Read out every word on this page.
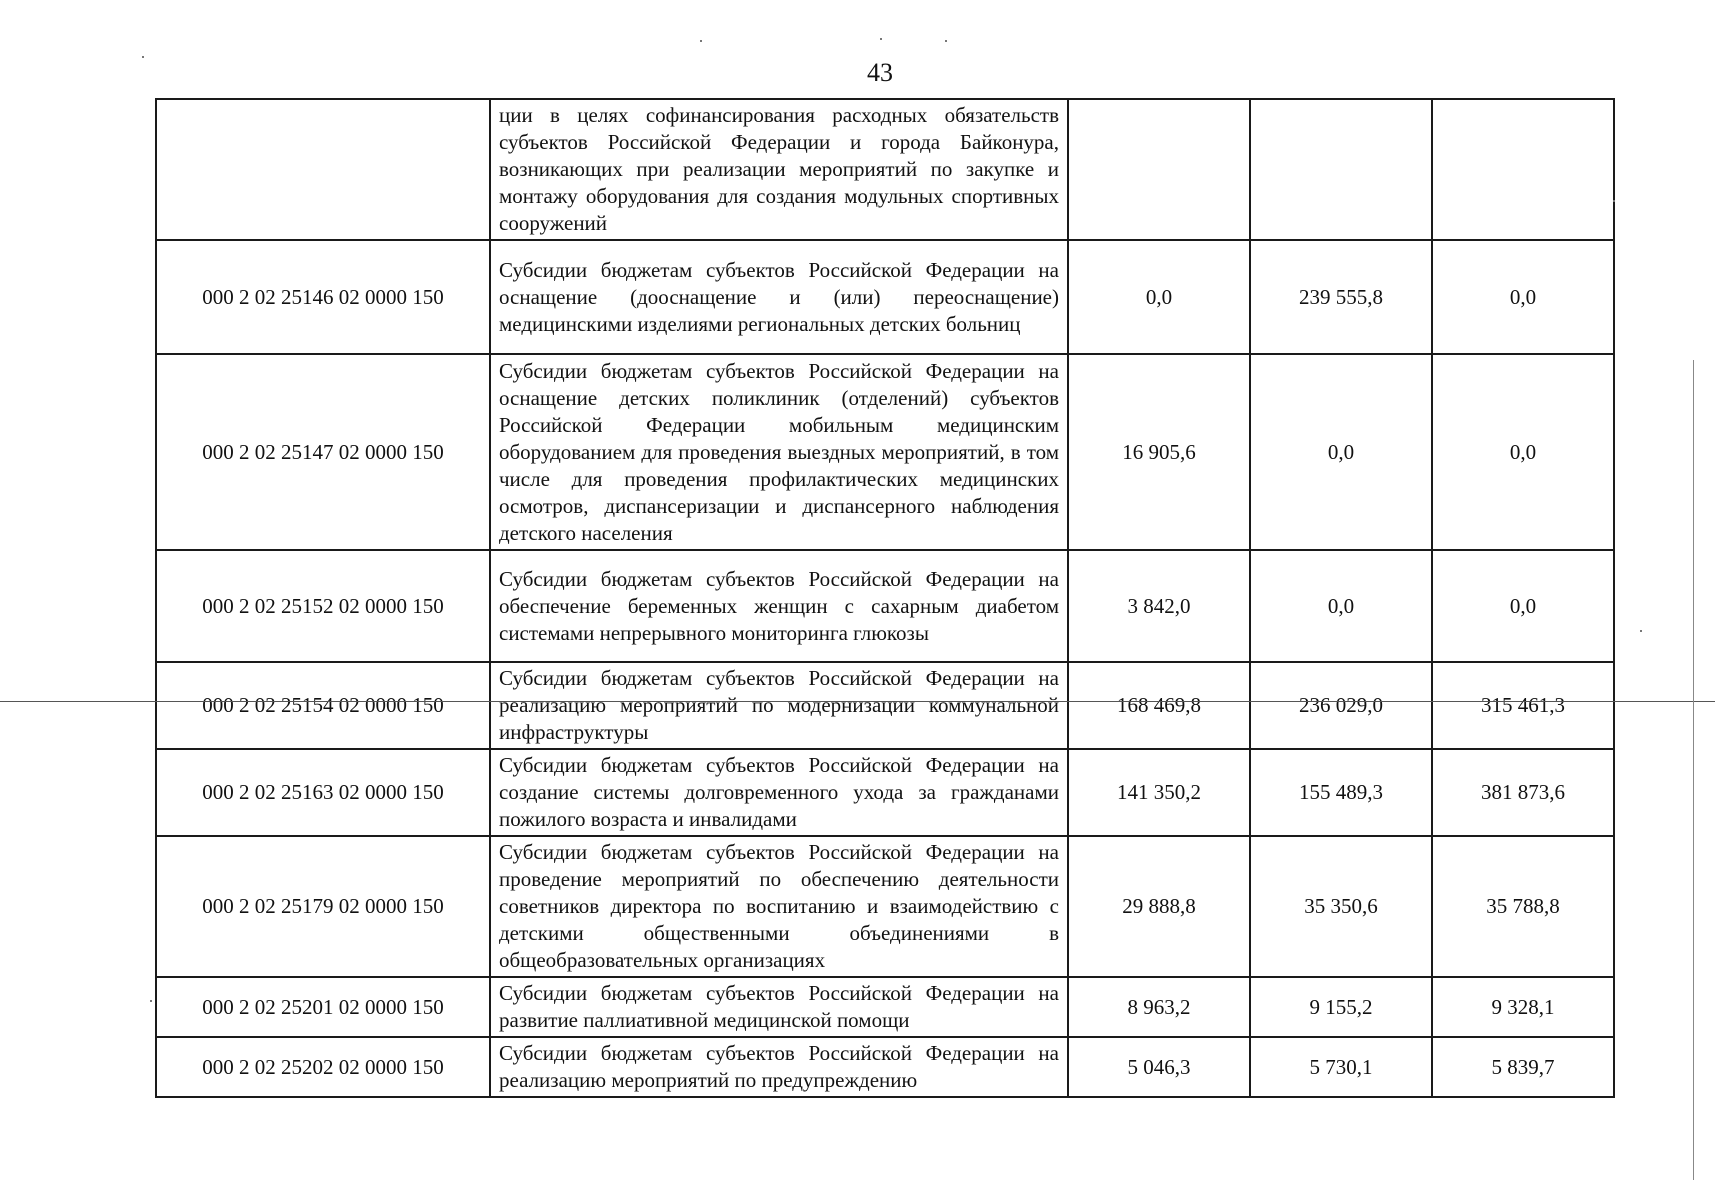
43
	ции в целях софинансирования расходных обязательств субъектов Российской Федерации и города Байконура, возникающих при реализации мероприятий по закупке и монтажу оборудования для создания модульных спортивных сооружений			
000 2 02 25146 02 0000 150	Субсидии бюджетам субъектов Российской Федерации на оснащение (дооснащение и (или) переоснащение) медицинскими изделиями региональных детских больниц	0,0	239 555,8	0,0
000 2 02 25147 02 0000 150	Субсидии бюджетам субъектов Российской Федерации на оснащение детских поликлиник (отделений) субъектов Российской Федерации мобильным медицинским оборудованием для проведения выездных мероприятий, в том числе для проведения профилактических медицинских осмотров, диспансеризации и диспансерного наблюдения детского населения	16 905,6	0,0	0,0
000 2 02 25152 02 0000 150	Субсидии бюджетам субъектов Российской Федерации на обеспечение беременных женщин с сахарным диабетом системами непрерывного мониторинга глюкозы	3 842,0	0,0	0,0
000 2 02 25154 02 0000 150	Субсидии бюджетам субъектов Российской Федерации на реализацию мероприятий по модернизации коммунальной инфраструктуры	168 469,8	236 029,0	315 461,3
000 2 02 25163 02 0000 150	Субсидии бюджетам субъектов Российской Федерации на создание системы долговременного ухода за гражданами пожилого возраста и инвалидами	141 350,2	155 489,3	381 873,6
000 2 02 25179 02 0000 150	Субсидии бюджетам субъектов Российской Федерации на проведение мероприятий по обеспечению деятельности советников директора по воспитанию и взаимодействию с детскими общественными объединениями в общеобразовательных организациях	29 888,8	35 350,6	35 788,8
000 2 02 25201 02 0000 150	Субсидии бюджетам субъектов Российской Федерации на развитие паллиативной медицинской помощи	8 963,2	9 155,2	9 328,1
000 2 02 25202 02 0000 150	Субсидии бюджетам субъектов Российской Федерации на реализацию мероприятий по предупреждению	5 046,3	5 730,1	5 839,7
